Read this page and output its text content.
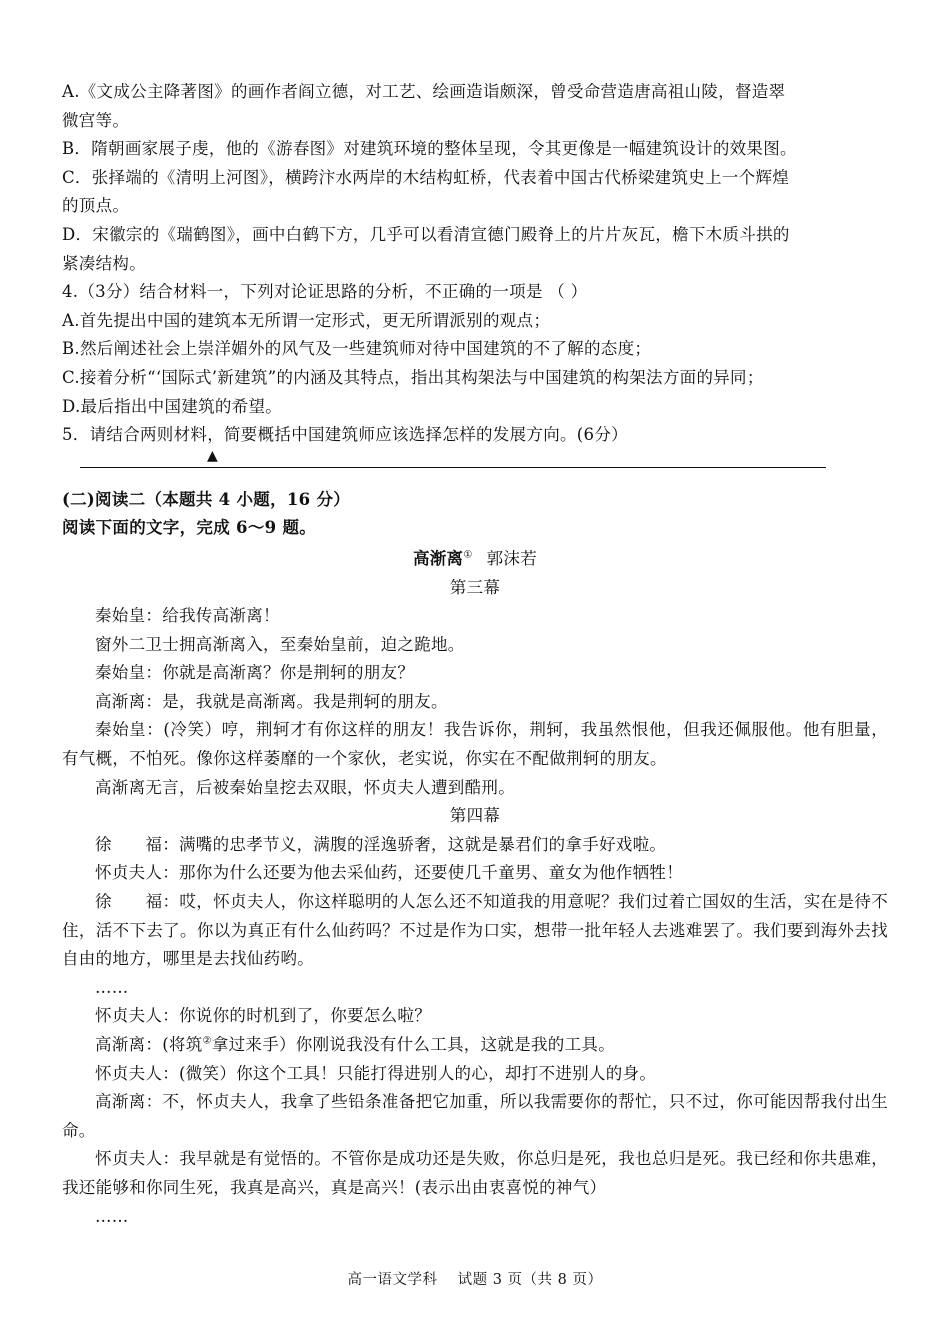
A.《文成公主降著图》的画作者阎立德，对工艺、绘画造诣颇深，曾受命营造唐高祖山陵，督造翠

微宫等。

B．隋朝画家展子虔，他的《游春图》对建筑环境的整体呈现，令其更像是一幅建筑设计的效果图。

C．张择端的《清明上河图》，横跨汴水两岸的木结构虹桥，代表着中国古代桥梁建筑史上一个辉煌

的顶点。

D．宋徽宗的《瑞鹤图》，画中白鹤下方，几乎可以看清宣德门殿脊上的片片灰瓦，檐下木质斗拱的

紧凑结构。

4.（3分）结合材料一，下列对论证思路的分析，不正确的一项是 （ ）

A.首先提出中国的建筑本无所谓一定形式，更无所谓派别的观点；

B.然后阐述社会上崇洋媚外的风气及一些建筑师对待中国建筑的不了解的态度；

C.接着分析“‘国际式’新建筑”的内涵及其特点，指出其构架法与中国建筑的构架法方面的异同；

D.最后指出中国建筑的希望。

5．请结合两则材料，简要概括中国建筑师应该选择怎样的发展方向。(6分）

▲

(二)阅读二（本题共 4 小题，16 分）

阅读下面的文字，完成 6～9 题。

高渐离① 郭沫若

第三幕

秦始皇：给我传高渐离！

窗外二卫士拥高渐离入，至秦始皇前，迫之跪地。

秦始皇：你就是高渐离？你是荆轲的朋友？

高渐离：是，我就是高渐离。我是荆轲的朋友。

秦始皇：(冷笑）哼，荆轲才有你这样的朋友！我告诉你，荆轲，我虽然恨他，但我还佩服他。他有胆量，有气概，不怕死。像你这样萎靡的一个家伙，老实说，你实在不配做荆轲的朋友。

高渐离无言，后被秦始皇挖去双眼，怀贞夫人遭到酷刑。

第四幕

徐　　福：满嘴的忠孝节义，满腹的淫逸骄奢，这就是暴君们的拿手好戏啦。

怀贞夫人：那你为什么还要为他去采仙药，还要使几千童男、童女为他作牺牲！

徐　　福：哎，怀贞夫人，你这样聪明的人怎么还不知道我的用意呢？我们过着亡国奴的生活，实在是待不住，活不下去了。你以为真正有什么仙药吗？不过是作为口实，想带一批年轻人去逃难罢了。我们要到海外去找自由的地方，哪里是去找仙药哟。

……

怀贞夫人：你说你的时机到了，你要怎么啦？

高渐离：(将筑②拿过来手）你刚说我没有什么工具，这就是我的工具。

怀贞夫人：(微笑）你这个工具！只能打得进别人的心，却打不进别人的身。

高渐离：不，怀贞夫人，我拿了些铅条准备把它加重，所以我需要你的帮忙，只不过，你可能因帮我付出生命。

怀贞夫人：我早就是有觉悟的。不管你是成功还是失败，你总归是死，我也总归是死。我已经和你共患难，我还能够和你同生死，我真是高兴，真是高兴！(表示出由衷喜悦的神气）

……

高一语文学科　 试题 3 页（共 8 页）
